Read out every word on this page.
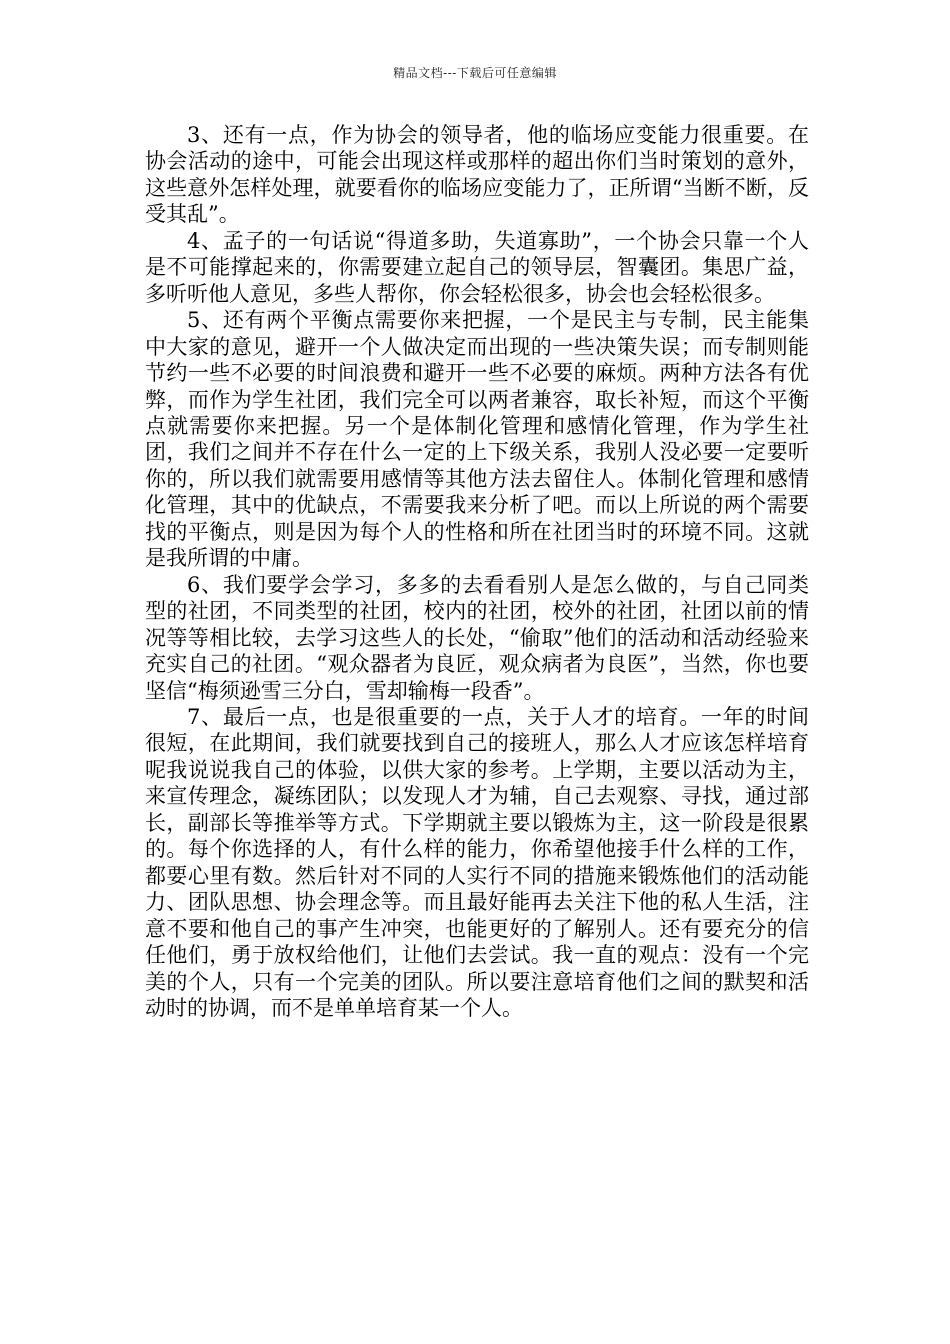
精品文档---下载后可任意编辑

3、还有一点，作为协会的领导者，他的临场应变能力很重要。在协会活动的途中，可能会出现这样或那样的超出你们当时策划的意外，这些意外怎样处理，就要看你的临场应变能力了，正所谓“当断不断，反受其乱”。

4、孟子的一句话说“得道多助，失道寡助”，一个协会只靠一个人是不可能撑起来的，你需要建立起自己的领导层，智囊团。集思广益，多听听他人意见，多些人帮你，你会轻松很多，协会也会轻松很多。

5、还有两个平衡点需要你来把握，一个是民主与专制，民主能集中大家的意见，避开一个人做决定而出现的一些决策失误；而专制则能节约一些不必要的时间浪费和避开一些不必要的麻烦。两种方法各有优弊，而作为学生社团，我们完全可以两者兼容，取长补短，而这个平衡点就需要你来把握。另一个是体制化管理和感情化管理，作为学生社团，我们之间并不存在什么一定的上下级关系，我别人没必要一定要听你的，所以我们就需要用感情等其他方法去留住人。体制化管理和感情化管理，其中的优缺点，不需要我来分析了吧。而以上所说的两个需要找的平衡点，则是因为每个人的性格和所在社团当时的环境不同。这就是我所谓的中庸。

6、我们要学会学习，多多的去看看别人是怎么做的，与自己同类型的社团，不同类型的社团，校内的社团，校外的社团，社团以前的情况等等相比较，去学习这些人的长处，“偷取”他们的活动和活动经验来充实自己的社团。“观众器者为良匠，观众病者为良医”，当然，你也要坚信“梅须逊雪三分白，雪却输梅一段香”。

7、最后一点，也是很重要的一点，关于人才的培育。一年的时间很短，在此期间，我们就要找到自己的接班人，那么人才应该怎样培育呢我说说我自己的体验，以供大家的参考。上学期，主要以活动为主，来宣传理念，凝练团队；以发现人才为辅，自己去观察、寻找，通过部长，副部长等推举等方式。下学期就主要以锻炼为主，这一阶段是很累的。每个你选择的人，有什么样的能力，你希望他接手什么样的工作，都要心里有数。然后针对不同的人实行不同的措施来锻炼他们的活动能力、团队思想、协会理念等。而且最好能再去关注下他的私人生活，注意不要和他自己的事产生冲突，也能更好的了解别人。还有要充分的信任他们，勇于放权给他们，让他们去尝试。我一直的观点：没有一个完美的个人，只有一个完美的团队。所以要注意培育他们之间的默契和活动时的协调，而不是单单培育某一个人。
